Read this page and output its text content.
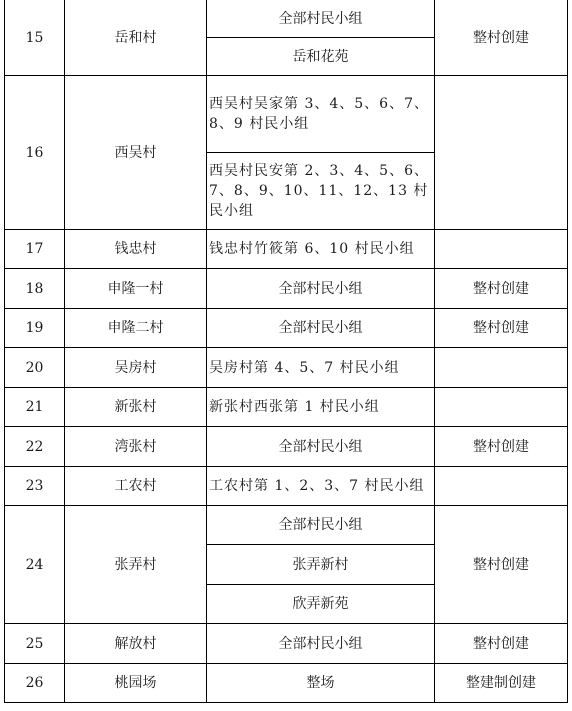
15	岳和村	全部村民小组	整村创建
		岳和花苑	
16	西吴村	西吴村吴家第 3、4、5、6、7、8、9 村民小组	
		西吴村民安第 2、3、4、5、6、7、8、9、10、11、12、13 村民小组	
17	钱忠村	钱忠村竹筱第 6、10 村民小组	
18	申隆一村	全部村民小组	整村创建
19	申隆二村	全部村民小组	整村创建
20	吴房村	吴房村第 4、5、7 村民小组	
21	新张村	新张村西张第 1 村民小组	
22	湾张村	全部村民小组	整村创建
23	工农村	工农村第 1、2、3、7 村民小组	
24	张弄村	全部村民小组	整村创建
		张弄新村	
		欣弄新苑	
25	解放村	全部村民小组	整村创建
26	桃园场	整场	整建制创建
